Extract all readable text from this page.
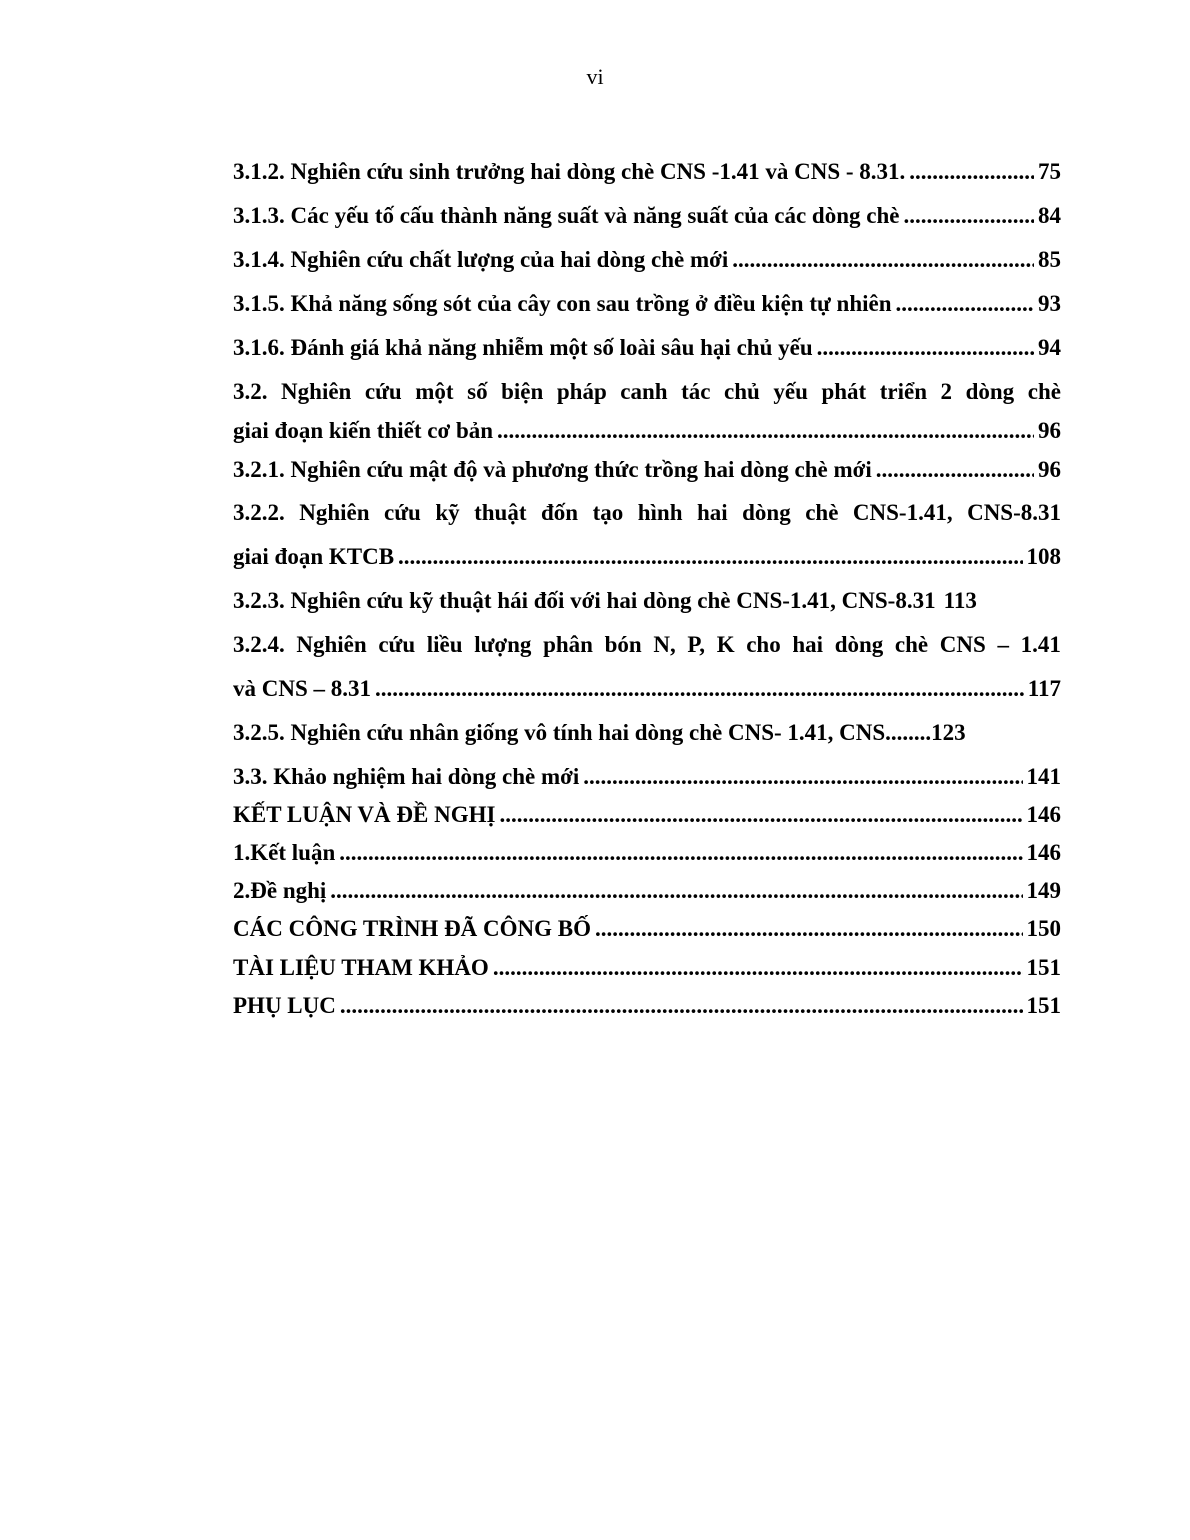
vi
3.1.2. Nghiên cứu sinh trưởng hai dòng chè CNS -1.41 và CNS - 8.31. .....	75
3.1.3. Các yếu tố cấu thành năng suất và năng suất của các dòng chè .....	84
3.1.4. Nghiên cứu chất lượng của hai dòng chè mới .....	85
3.1.5. Khả năng sống sót của cây con sau trồng ở điều kiện tự nhiên .....	93
3.1.6. Đánh giá khả năng nhiễm một số loài sâu hại chủ yếu .....	94
3.2. Nghiên cứu một số biện pháp canh tác chủ yếu phát triển 2 dòng chè
giai đoạn kiến thiết cơ bản .....	96
3.2.1. Nghiên cứu mật độ và phương thức trồng hai dòng chè mới .....	96
3.2.2. Nghiên cứu kỹ thuật đốn tạo hình hai dòng chè CNS-1.41, CNS-8.31
giai đoạn KTCB .....	108
3.2.3. Nghiên cứu kỹ thuật hái đối với hai dòng chè CNS-1.41, CNS-8.31 113
3.2.4. Nghiên cứu liều lượng phân bón N, P, K cho hai dòng chè CNS – 1.41
và CNS – 8.31 .....	117
3.2.5. Nghiên cứu nhân giống vô tính hai dòng chè CNS- 1.41, CNS........123
3.3. Khảo nghiệm hai dòng chè mới .....	141
KẾT LUẬN VÀ ĐỀ NGHỊ .....	146
1.Kết luận .....	146
2.Đề nghị .....	149
CÁC CÔNG TRÌNH ĐÃ CÔNG BỐ .....	150
TÀI LIỆU THAM KHẢO .....	151
PHỤ LỤC .....	151
